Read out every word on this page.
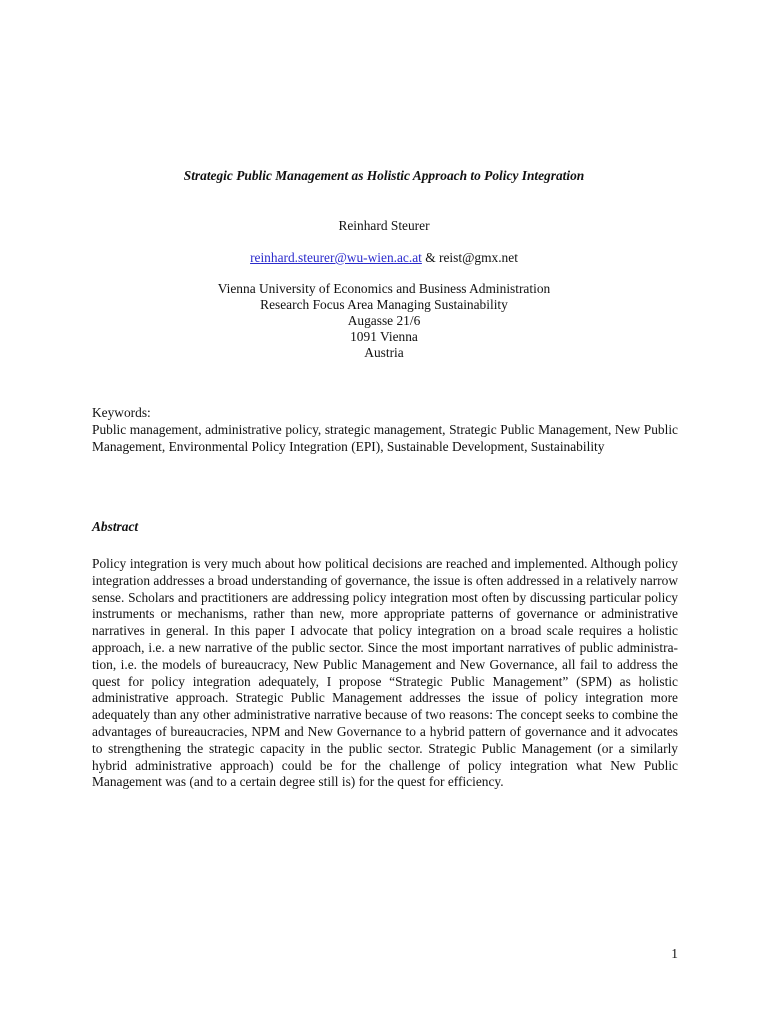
Strategic Public Management as Holistic Approach to Policy Integration
Reinhard Steurer
reinhard.steurer@wu-wien.ac.at & reist@gmx.net
Vienna University of Economics and Business Administration
Research Focus Area Managing Sustainability
Augasse 21/6
1091 Vienna
Austria
Keywords:
Public management, administrative policy, strategic management, Strategic Public Management, New Public Management, Environmental Policy Integration (EPI), Sustainable Development, Sustainability
Abstract
Policy integration is very much about how political decisions are reached and implemented. Although policy integration addresses a broad understanding of governance, the issue is often addressed in a relatively narrow sense. Scholars and practitioners are addressing policy integration most often by discussing particular policy instruments or mechanisms, rather than new, more appropriate patterns of governance or administrative narratives in general. In this paper I advocate that policy integration on a broad scale requires a holistic approach, i.e. a new narrative of the public sector. Since the most important narratives of public administration, i.e. the models of bureaucracy, New Public Management and New Governance, all fail to address the quest for policy integration adequately, I propose “Strategic Public Management” (SPM) as holistic administrative approach. Strategic Public Management addresses the issue of policy integration more adequately than any other administrative narrative because of two reasons: The concept seeks to combine the advantages of bureaucracies, NPM and New Governance to a hybrid pattern of governance and it advocates to strengthening the strategic capacity in the public sector. Strategic Public Management (or a similarly hybrid administrative approach) could be for the challenge of policy integration what New Public Management was (and to a certain degree still is) for the quest for efficiency.
1
